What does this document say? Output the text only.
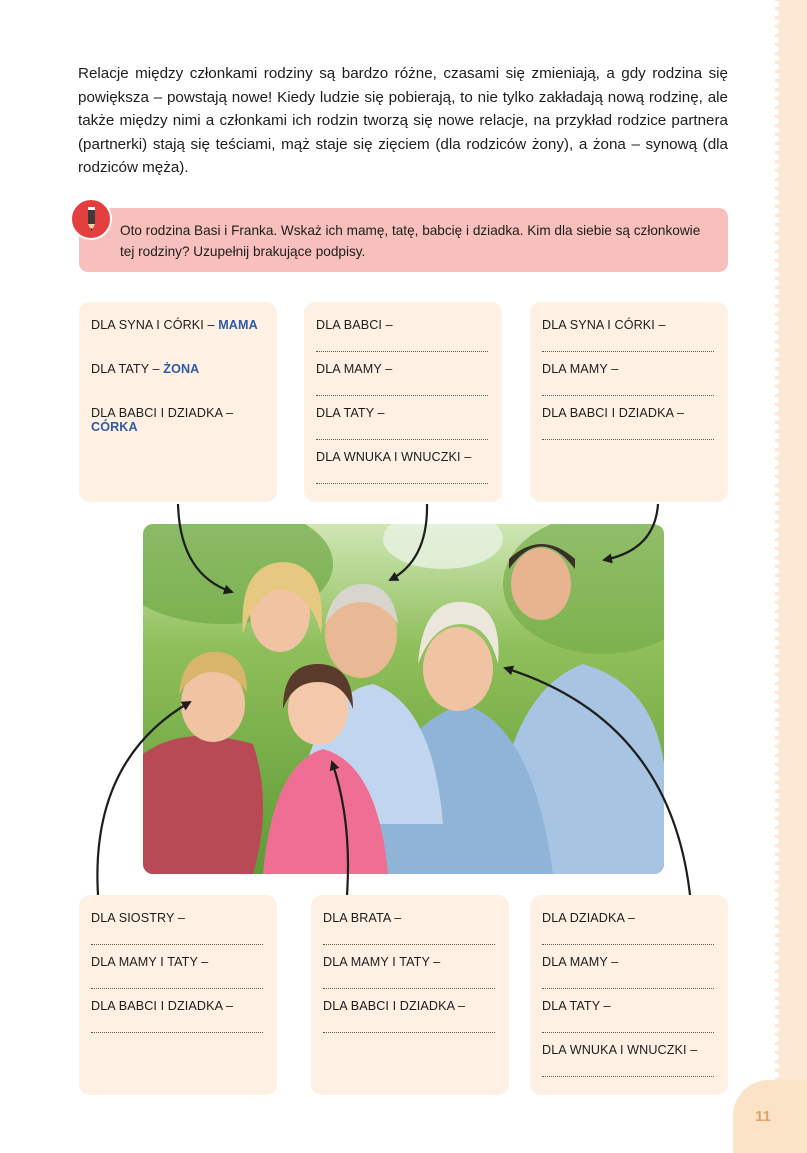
Relacje między członkami rodziny są bardzo różne, czasami się zmieniają, a gdy rodzina się powiększa – powstają nowe! Kiedy ludzie się pobierają, to nie tylko zakładają nową rodzinę, ale także między nimi a członkami ich rodzin tworzą się nowe relacje, na przykład rodzice partnera (partnerki) stają się teściami, mąż staje się zięciem (dla rodziców żony), a żona – synową (dla rodziców męża).

Oto rodzina Basi i Franka. Wskaż ich mamę, tatę, babcię i dziadka. Kim dla siebie są członkowie tej rodziny? Uzupełnij brakujące podpisy.
DLA SYNA I CÓRKI – MAMA
DLA TATY – ŻONA
DLA BABCI I DZIADKA – CÓRKA
DLA BABCI –
DLA MAMY –
DLA TATY –
DLA WNUKA I WNUCZKI –
DLA SYNA I CÓRKI –
DLA MAMY –
DLA BABCI I DZIADKA –
DLA SIOSTRY –
DLA MAMY I TATY –
DLA BABCI I DZIADKA –
DLA BRATA –
DLA MAMY I TATY –
DLA BABCI I DZIADKA –
DLA DZIADKA –
DLA MAMY –
DLA TATY –
DLA WNUKA I WNUCZKI –
11
